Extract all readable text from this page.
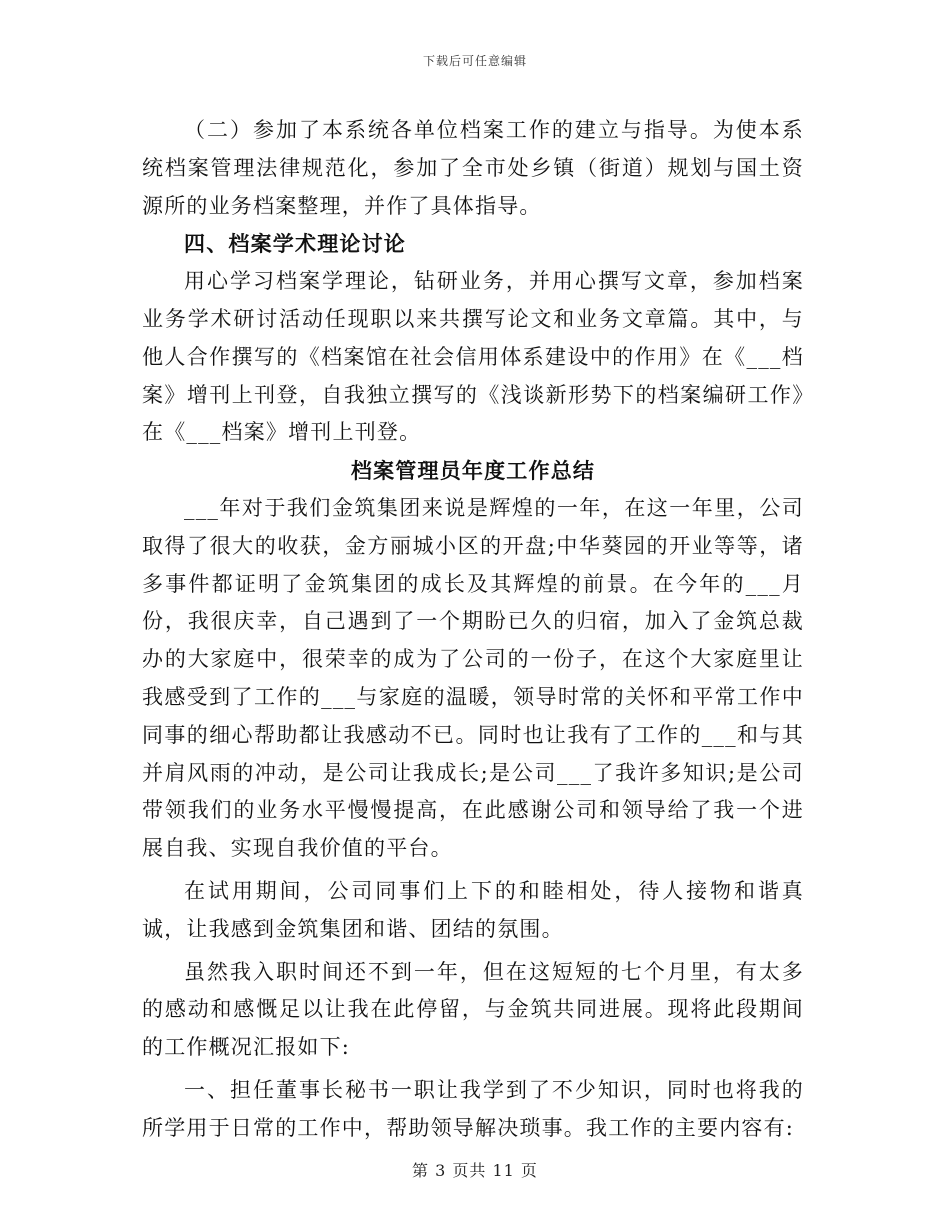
下载后可任意编辑

（二）参加了本系统各单位档案工作的建立与指导。为使本系统档案管理法律规范化，参加了全市处乡镇（街道）规划与国土资源所的业务档案整理，并作了具体指导。

四、档案学术理论讨论

用心学习档案学理论，钻研业务，并用心撰写文章，参加档案业务学术研讨活动任现职以来共撰写论文和业务文章篇。其中，与他人合作撰写的《档案馆在社会信用体系建设中的作用》在《___档案》增刊上刊登，自我独立撰写的《浅谈新形势下的档案编研工作》在《___档案》增刊上刊登。

档案管理员年度工作总结

___年对于我们金筑集团来说是辉煌的一年，在这一年里，公司取得了很大的收获，金方丽城小区的开盘;中华葵园的开业等等，诸多事件都证明了金筑集团的成长及其辉煌的前景。在今年的___月份，我很庆幸，自己遇到了一个期盼已久的归宿，加入了金筑总裁办的大家庭中，很荣幸的成为了公司的一份子，在这个大家庭里让我感受到了工作的___与家庭的温暖，领导时常的关怀和平常工作中同事的细心帮助都让我感动不已。同时也让我有了工作的___和与其并肩风雨的冲动，是公司让我成长;是公司___了我许多知识;是公司带领我们的业务水平慢慢提高，在此感谢公司和领导给了我一个进展自我、实现自我价值的平台。

在试用期间，公司同事们上下的和睦相处，待人接物和谐真诚，让我感到金筑集团和谐、团结的氛围。

虽然我入职时间还不到一年，但在这短短的七个月里，有太多的感动和感慨足以让我在此停留，与金筑共同进展。现将此段期间的工作概况汇报如下:

一、担任董事长秘书一职让我学到了不少知识，同时也将我的所学用于日常的工作中，帮助领导解决琐事。我工作的主要内容有:

第 3 页共 11 页
